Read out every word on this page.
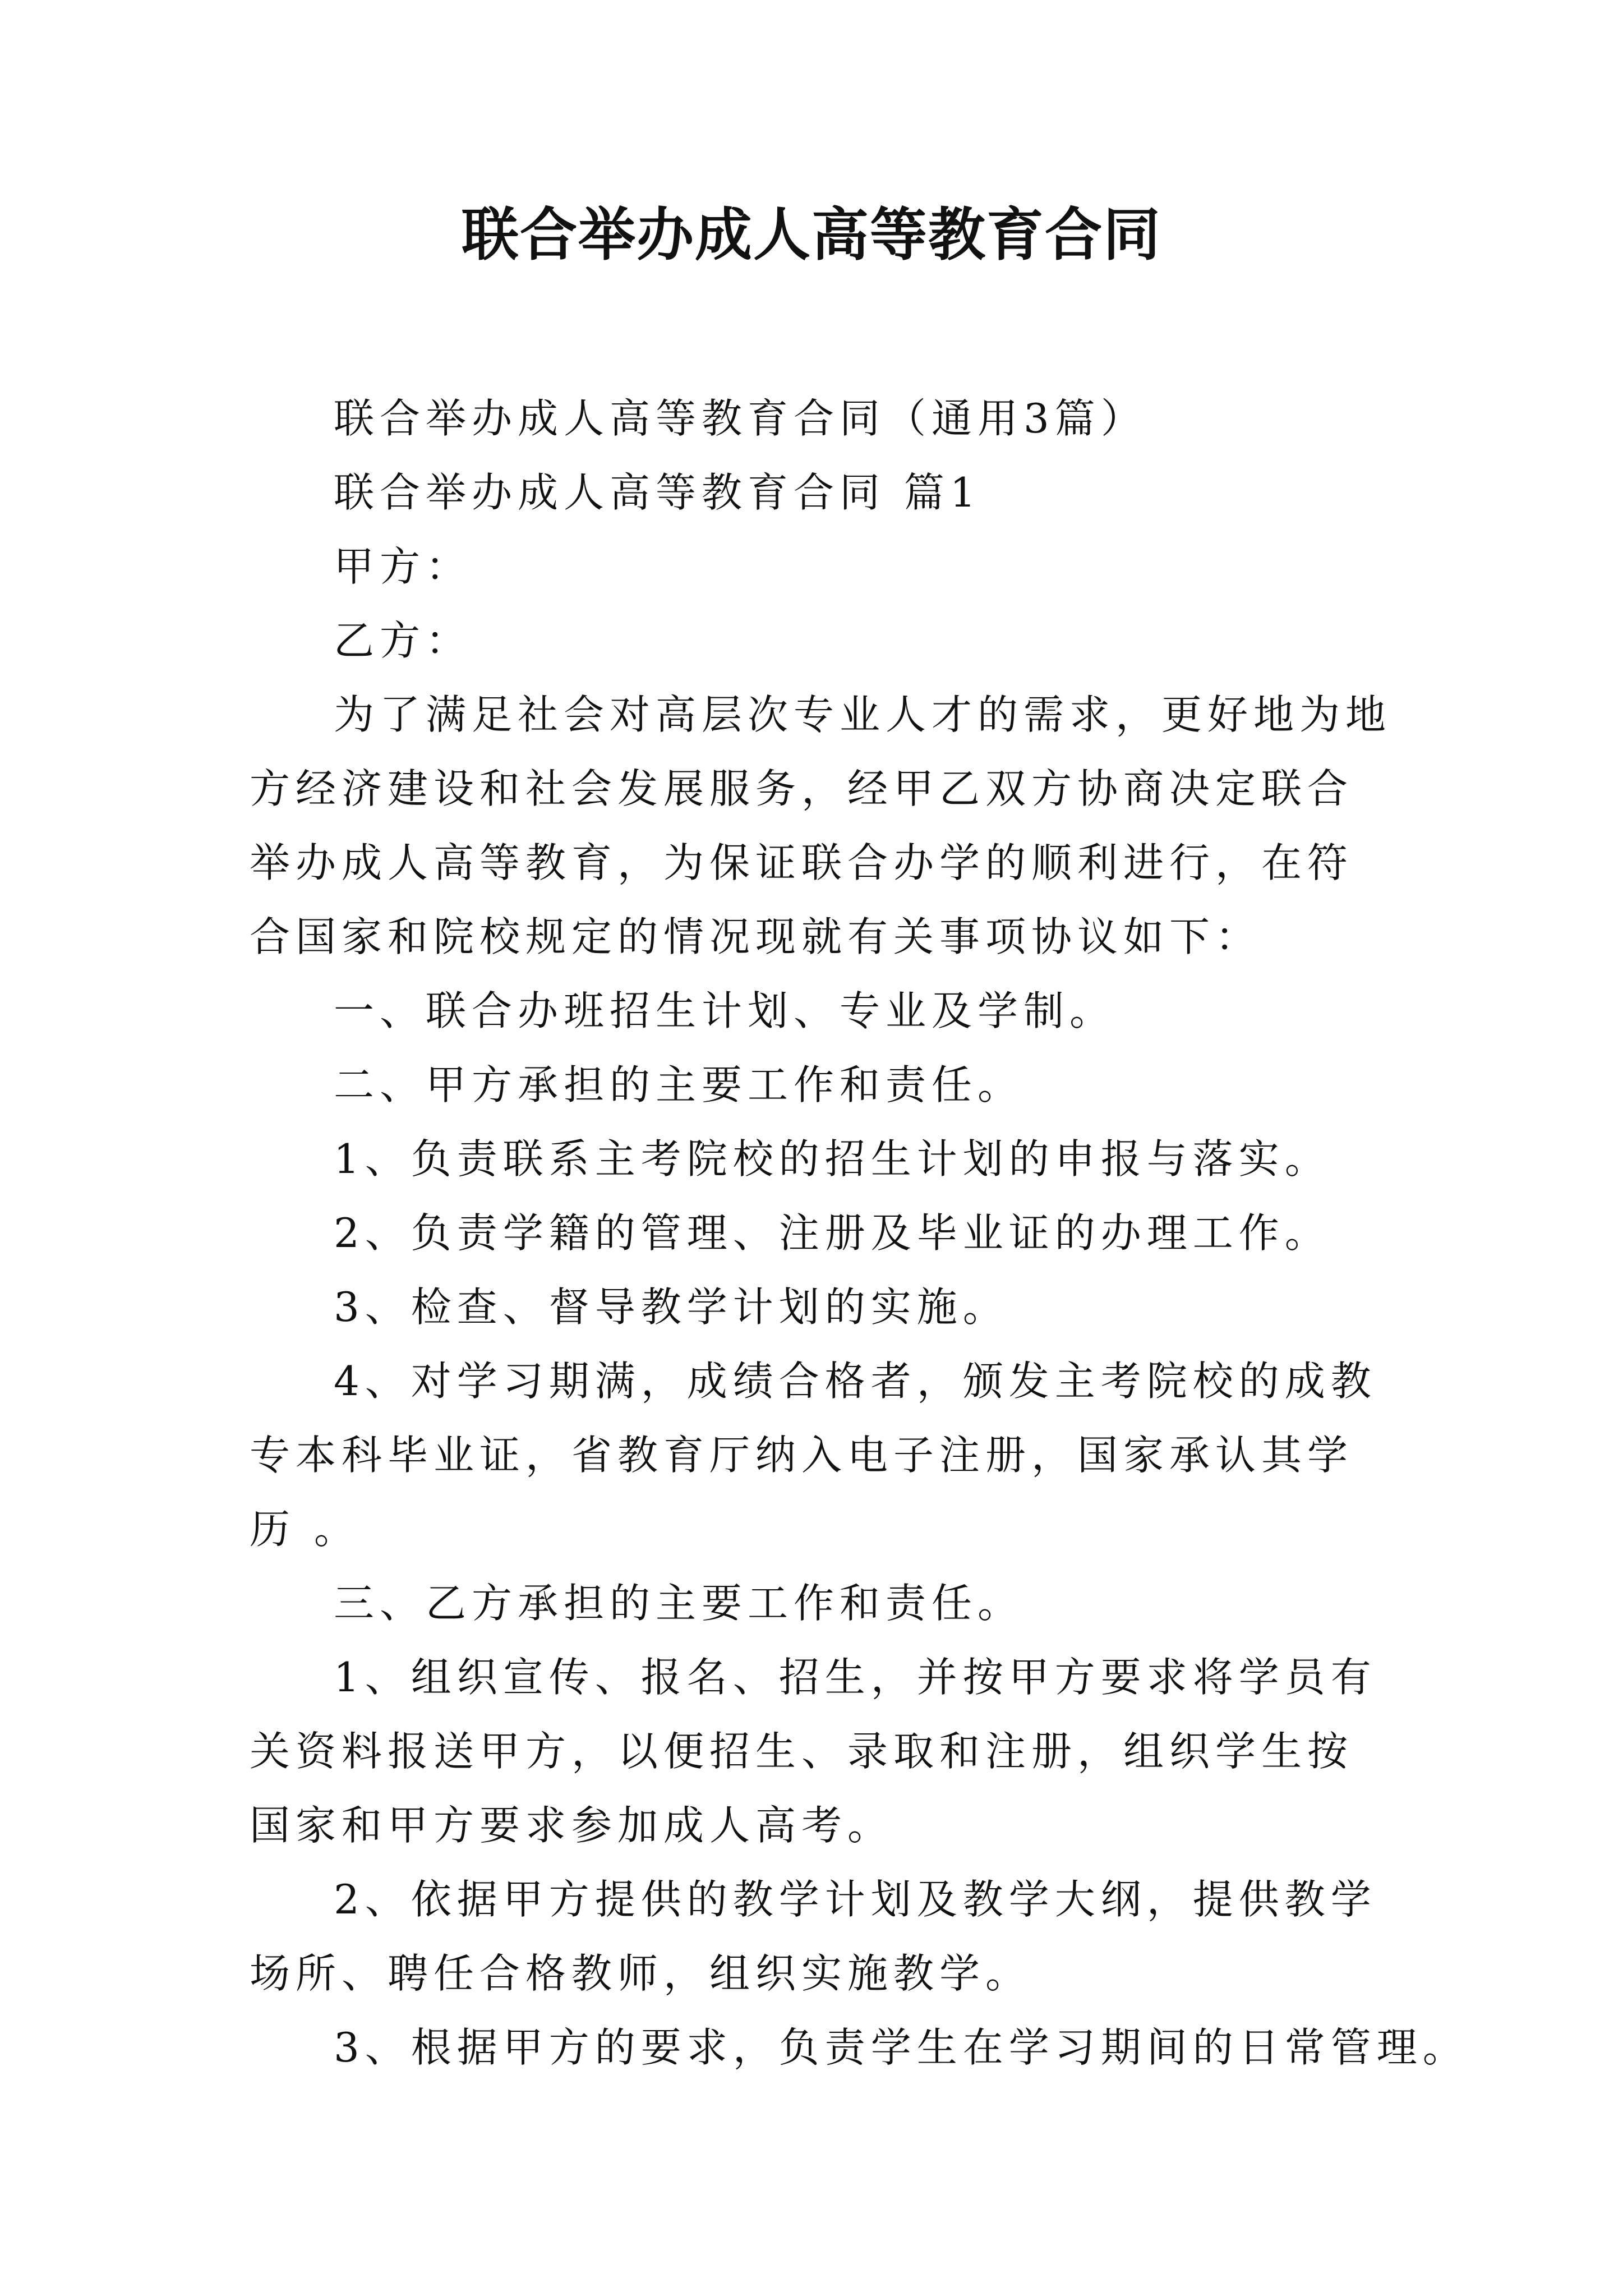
联合举办成人高等教育合同

联合举办成人高等教育合同（通用3篇）

联合举办成人高等教育合同 篇1

甲方：

乙方：

为了满足社会对高层次专业人才的需求，更好地为地方经济建设和社会发展服务，经甲乙双方协商决定联合举办成人高等教育，为保证联合办学的顺利进行，在符合国家和院校规定的情况现就有关事项协议如下：

一、联合办班招生计划、专业及学制。

二、甲方承担的主要工作和责任。

1、负责联系主考院校的招生计划的申报与落实。

2、负责学籍的管理、注册及毕业证的办理工作。

3、检查、督导教学计划的实施。

4、对学习期满，成绩合格者，颁发主考院校的成教专本科毕业证，省教育厅纳入电子注册，国家承认其学历 。

三、乙方承担的主要工作和责任。

1、组织宣传、报名、招生，并按甲方要求将学员有关资料报送甲方，以便招生、录取和注册，组织学生按国家和甲方要求参加成人高考。

2、依据甲方提供的教学计划及教学大纲，提供教学场所、聘任合格教师，组织实施教学。

3、根据甲方的要求，负责学生在学习期间的日常管理。
